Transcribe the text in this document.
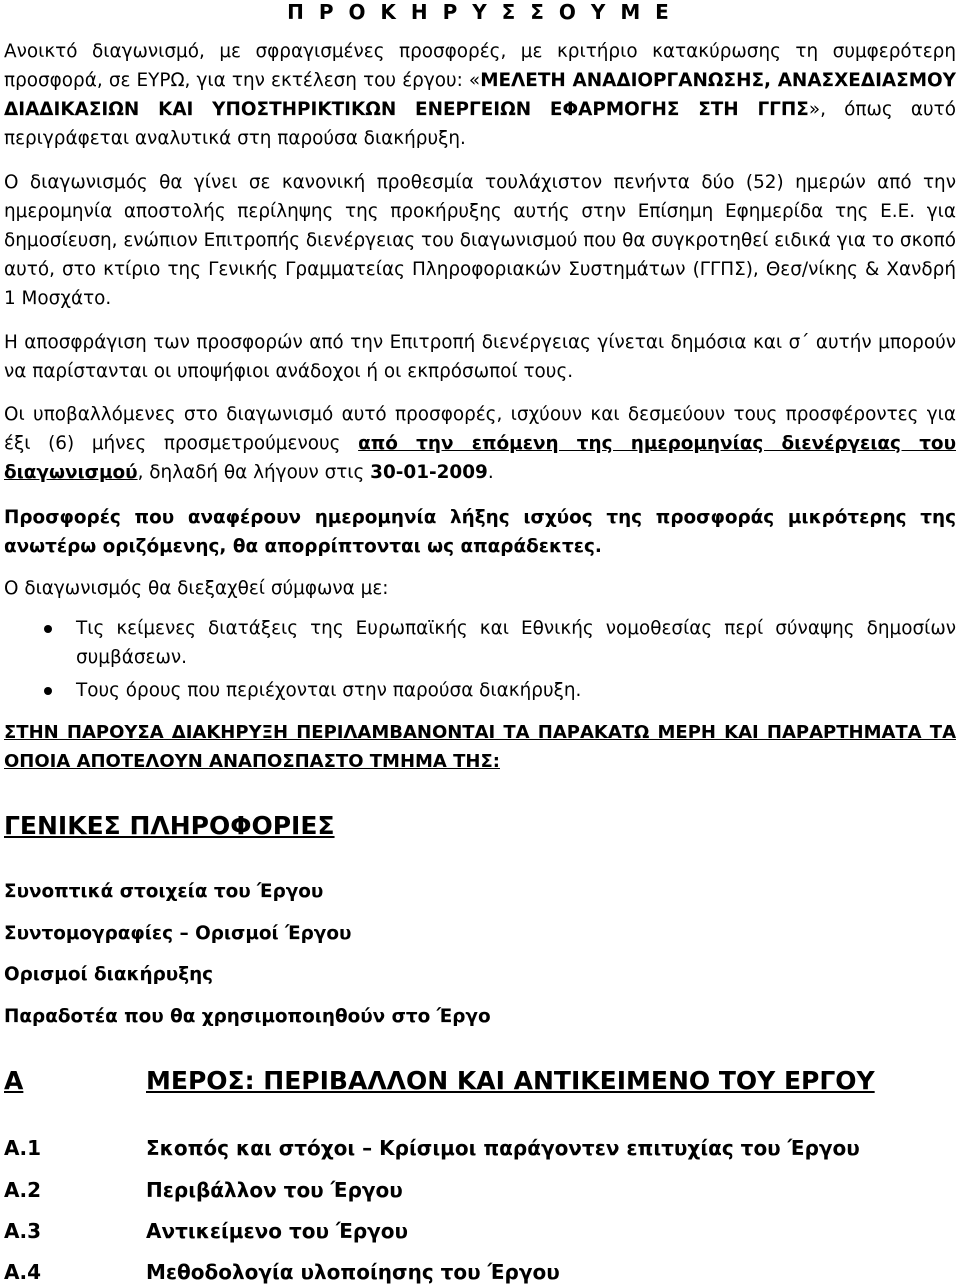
Π Ρ Ο Κ Η Ρ Υ Σ Σ Ο Υ Μ Ε

Ανοικτό διαγωνισμό, με σφραγισμένες προσφορές, με κριτήριο κατακύρωσης τη συμφερότερη προσφορά, σε ΕΥΡΩ, για την εκτέλεση του έργου: «ΜΕΛΕΤΗ ΑΝΑΔΙΟΡΓΑΝΩΣΗΣ, ΑΝΑΣΧΕΔΙΑΣΜΟΥ ΔΙΑΔΙΚΑΣΙΩΝ ΚΑΙ ΥΠΟΣΤΗΡΙΚΤΙΚΩΝ ΕΝΕΡΓΕΙΩΝ ΕΦΑΡΜΟΓΗΣ ΣΤΗ ΓΓΠΣ», όπως αυτό περιγράφεται αναλυτικά στη παρούσα διακήρυξη.

Ο διαγωνισμός θα γίνει σε κανονική προθεσμία τουλάχιστον πενήντα δύο (52) ημερών από την ημερομηνία αποστολής περίληψης της προκήρυξης αυτής στην Επίσημη Εφημερίδα της Ε.Ε. για δημοσίευση, ενώπιον Επιτροπής διενέργειας του διαγωνισμού που θα συγκροτηθεί ειδικά για το σκοπό αυτό, στο κτίριο της Γενικής Γραμματείας Πληροφοριακών Συστημάτων (ΓΓΠΣ), Θεσ/νίκης & Χανδρή 1 Μοσχάτο.

Η αποσφράγιση των προσφορών από την Επιτροπή διενέργειας γίνεται δημόσια και σ΄ αυτήν μπορούν να παρίστανται οι υποψήφιοι ανάδοχοι ή οι εκπρόσωποί τους.

Οι υποβαλλόμενες στο διαγωνισμό αυτό προσφορές, ισχύουν και δεσμεύουν τους προσφέροντες για έξι (6) μήνες προσμετρούμενους από την επόμενη της ημερομηνίας διενέργειας του διαγωνισμού, δηλαδή θα λήγουν στις 30-01-2009.

Προσφορές που αναφέρουν ημερομηνία λήξης ισχύος της προσφοράς μικρότερης της ανωτέρω οριζόμενης, θα απορρίπτονται ως απαράδεκτες.

Ο διαγωνισμός θα διεξαχθεί σύμφωνα με:

Τις κείμενες διατάξεις της Ευρωπαϊκής και Εθνικής νομοθεσίας περί σύναψης δημοσίων συμβάσεων.
Τους όρους που περιέχονται στην παρούσα διακήρυξη.

ΣΤΗΝ ΠΑΡΟΥΣΑ ΔΙΑΚΗΡΥΞΗ ΠΕΡΙΛΑΜΒΑΝΟΝΤΑΙ ΤΑ ΠΑΡΑΚΑΤΩ ΜΕΡΗ ΚΑΙ ΠΑΡΑΡΤΗΜΑΤΑ ΤΑ ΟΠΟΙΑ ΑΠΟΤΕΛΟΥΝ ΑΝΑΠΟΣΠΑΣΤΟ ΤΜΗΜΑ ΤΗΣ:

ΓΕΝΙΚΕΣ ΠΛΗΡΟΦΟΡΙΕΣ
Συνοπτικά στοιχεία του Έργου
Συντομογραφίες – Ορισμοί Έργου
Ορισμοί διακήρυξης
Παραδοτέα που θα χρησιμοποιηθούν στο Έργο
Α	ΜΕΡΟΣ: ΠΕΡΙΒΑΛΛΟΝ ΚΑΙ ΑΝΤΙΚΕΙΜΕΝΟ ΤΟΥ ΕΡΓΟΥ
Α.1	Σκοπός και στόχοι – Κρίσιμοι παράγοντεν επιτυχίας του Έργου
Α.2	Περιβάλλον του Έργου
Α.3	Αντικείμενο του Έργου
Α.4	Μεθοδολογία υλοποίησης του Έργου
